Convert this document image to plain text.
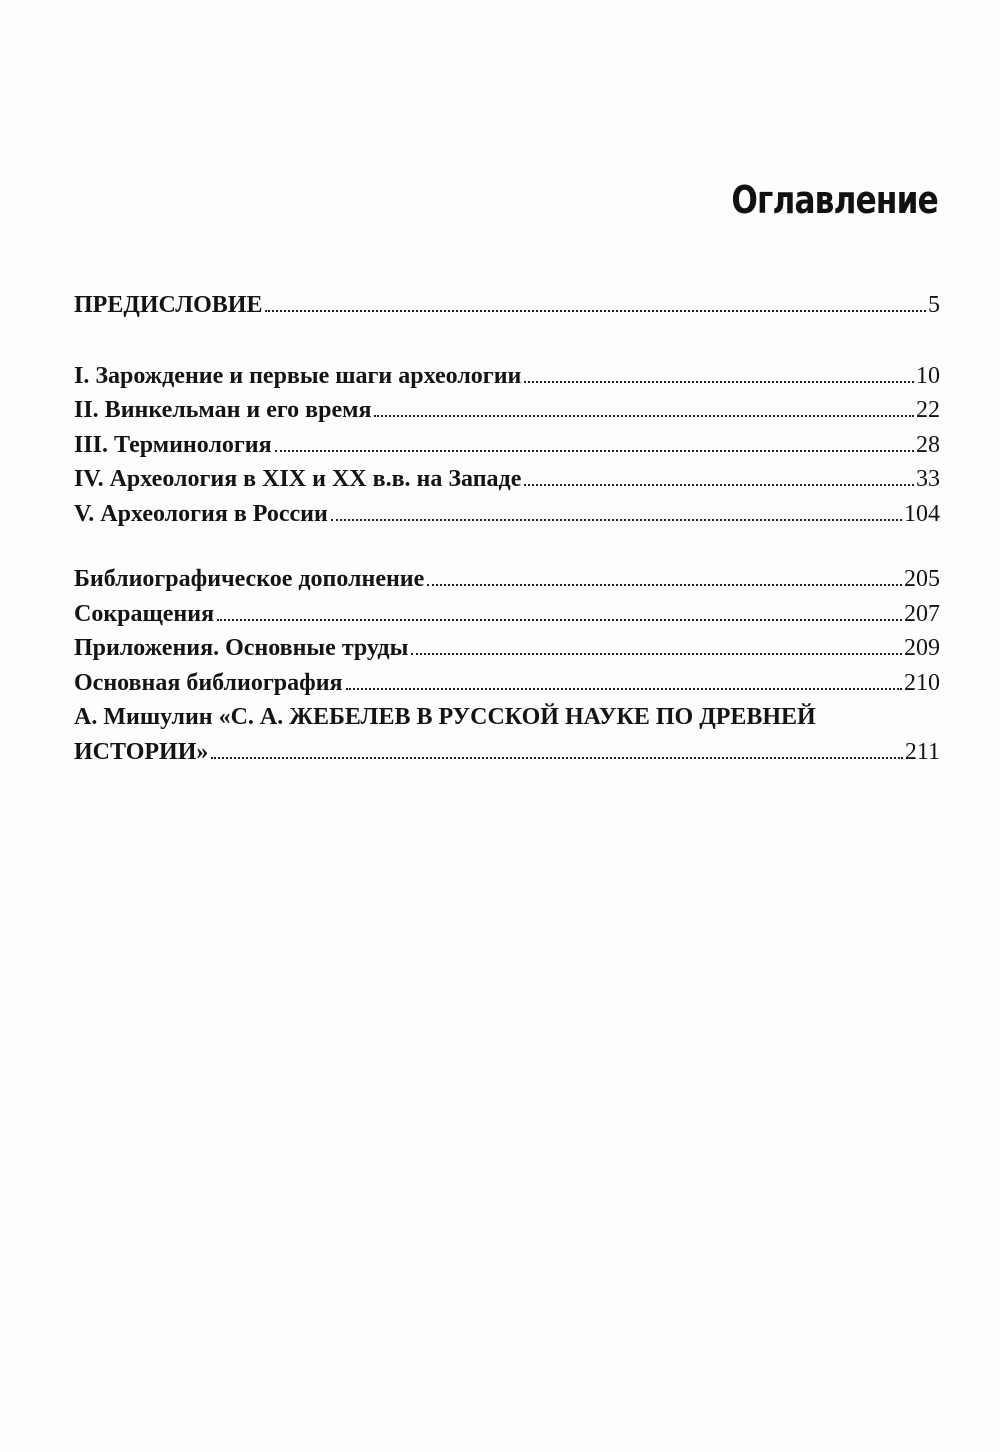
Оглавление
ПРЕДИСЛОВИЕ	5
I. Зарождение и первые шаги археологии	10
II. Винкельман и его время	22
III. Терминология	28
IV. Археология в XIX и XX в.в. на Западе	33
V. Археология в России	104
Библиографическое дополнение	205
Сокращения	207
Приложения. Основные труды	209
Основная библиография	210
А. Мишулин «С. А. ЖЕБЕЛЕВ В РУССКОЙ НАУКЕ ПО ДРЕВНЕЙ
ИСТОРИИ»	211
